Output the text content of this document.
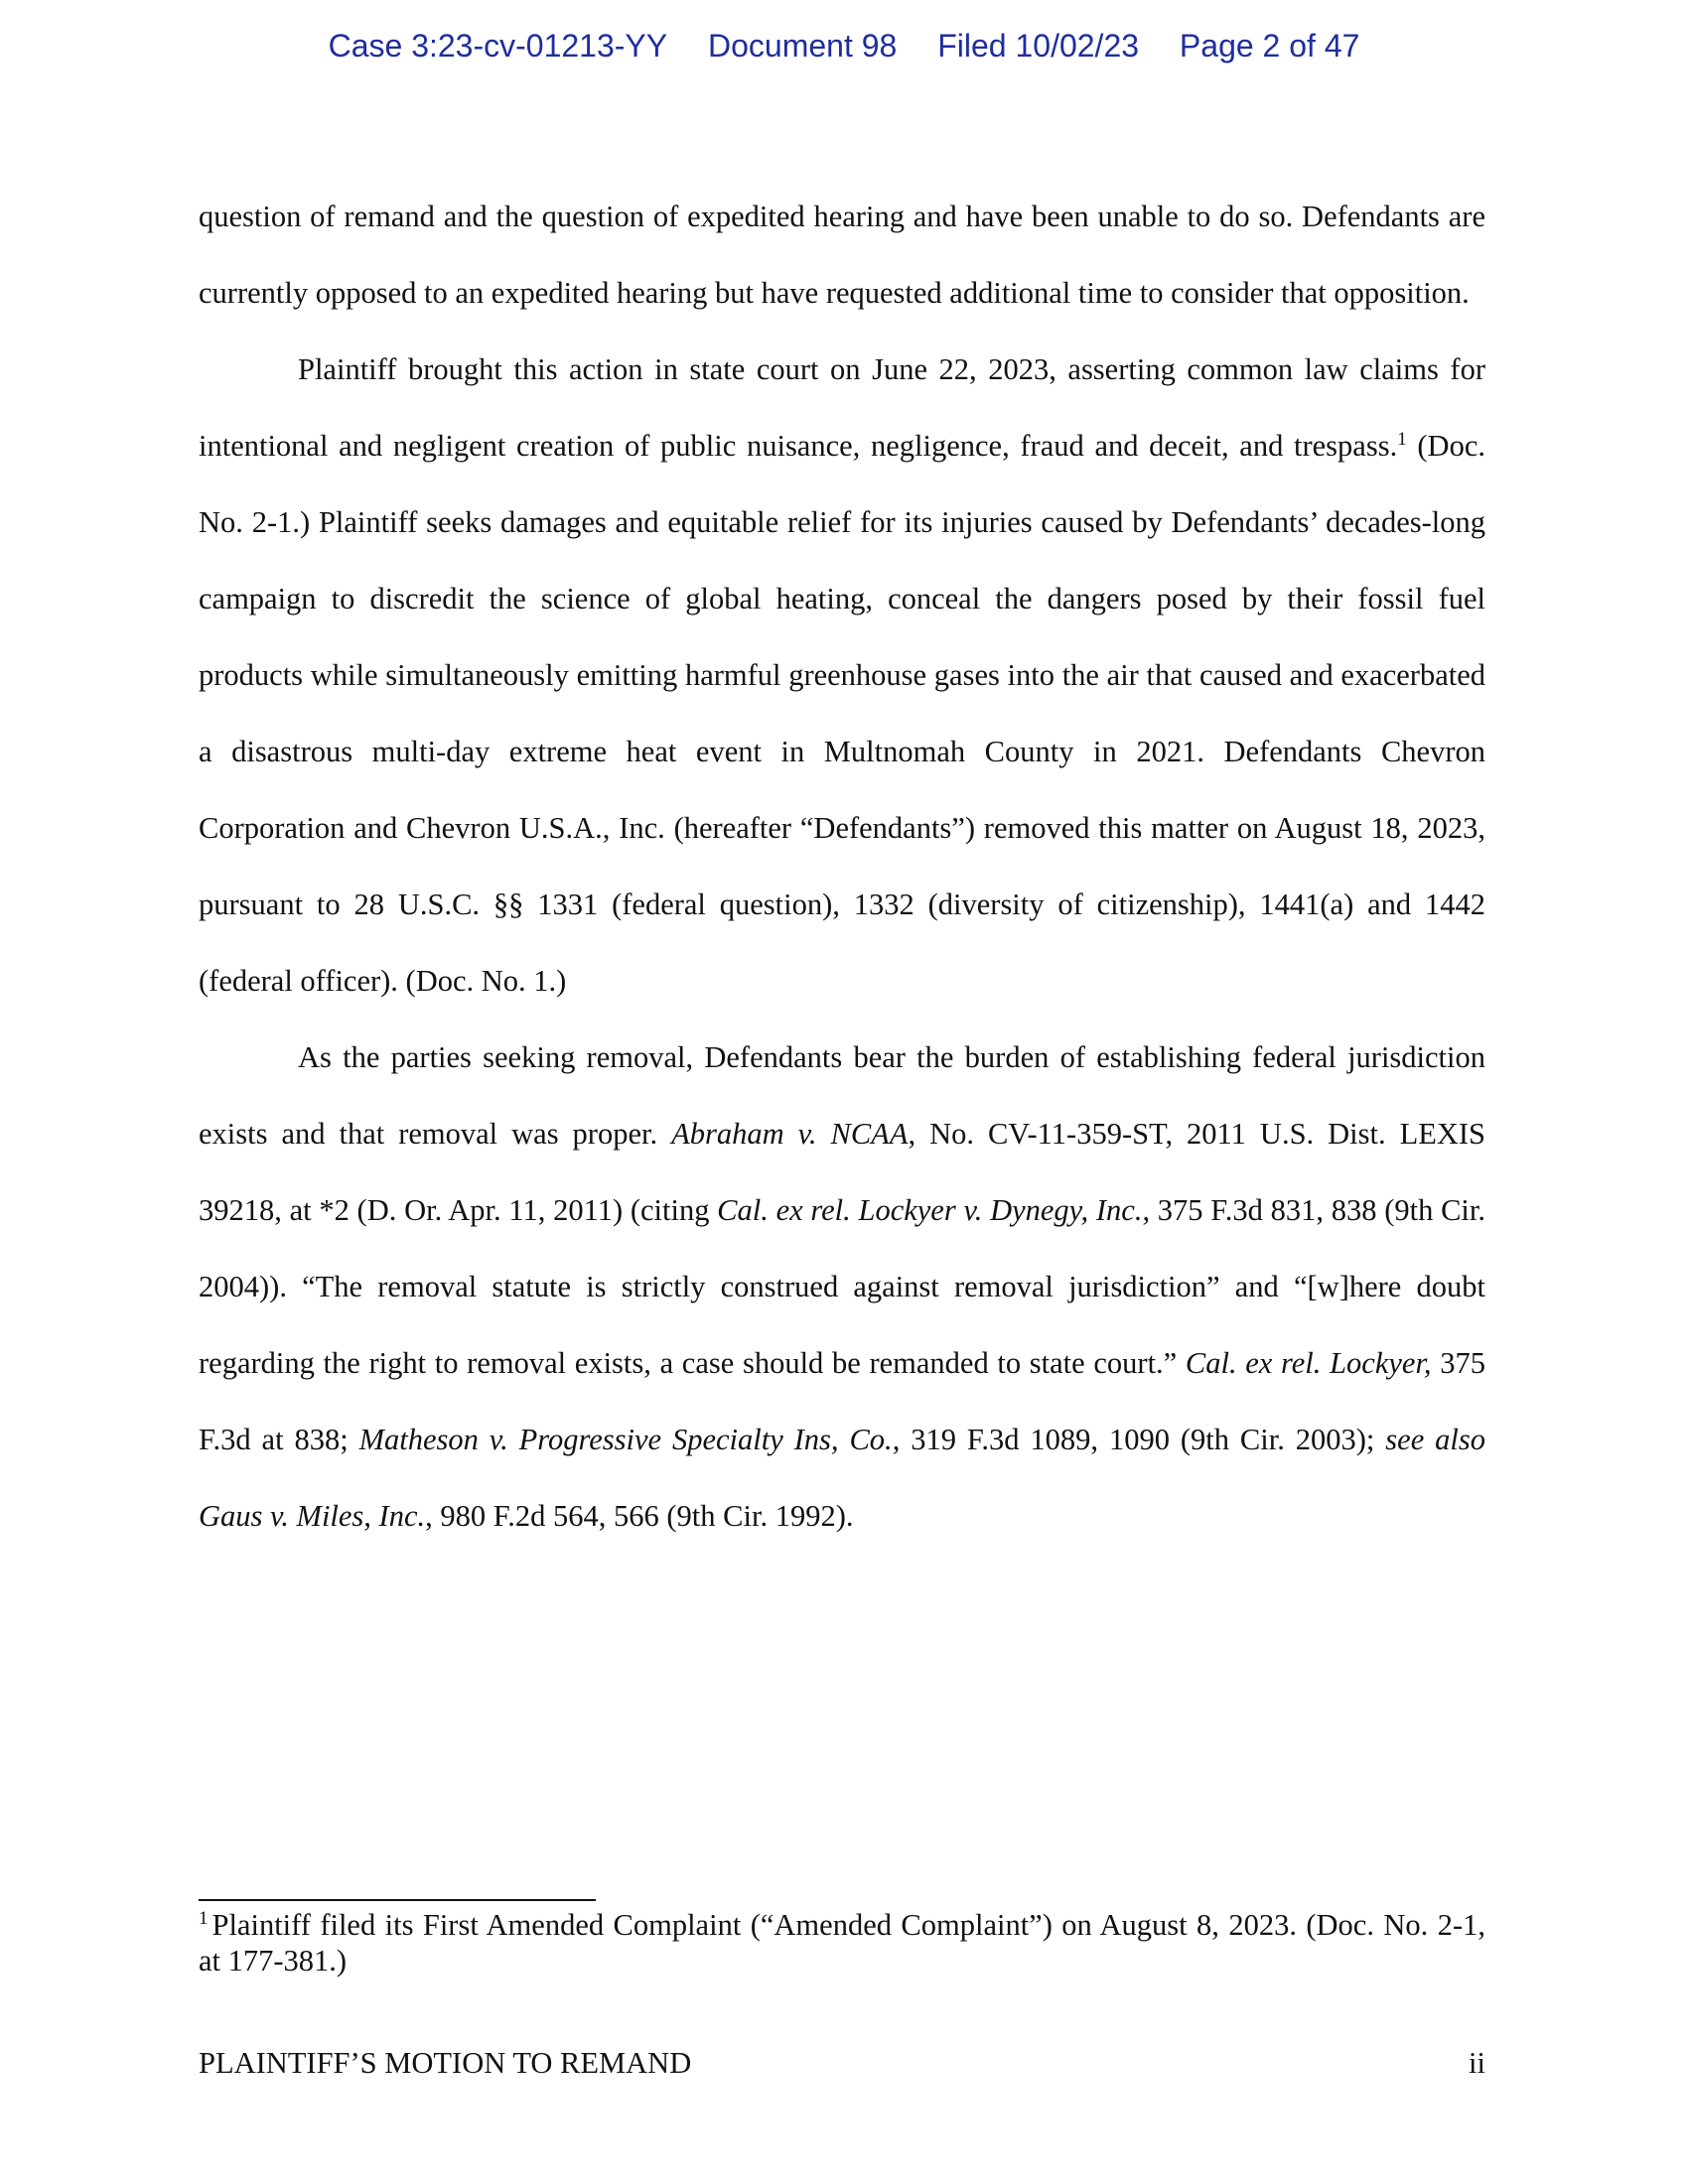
Case 3:23-cv-01213-YY Document 98 Filed 10/02/23 Page 2 of 47

question of remand and the question of expedited hearing and have been unable to do so. Defendants are currently opposed to an expedited hearing but have requested additional time to consider that opposition.

Plaintiff brought this action in state court on June 22, 2023, asserting common law claims for intentional and negligent creation of public nuisance, negligence, fraud and deceit, and trespass.$^1$ (Doc. No. 2-1.) Plaintiff seeks damages and equitable relief for its injuries caused by Defendants’ decades-long campaign to discredit the science of global heating, conceal the dangers posed by their fossil fuel products while simultaneously emitting harmful greenhouse gases into the air that caused and exacerbated a disastrous multi-day extreme heat event in Multnomah County in 2021. Defendants Chevron Corporation and Chevron U.S.A., Inc. (hereafter “Defendants”) removed this matter on August 18, 2023, pursuant to 28 U.S.C. §§ 1331 (federal question), 1332 (diversity of citizenship), 1441(a) and 1442 (federal officer). (Doc. No. 1.)

As the parties seeking removal, Defendants bear the burden of establishing federal jurisdiction exists and that removal was proper. Abraham v. NCAA, No. CV-11-359-ST, 2011 U.S. Dist. LEXIS 39218, at *2 (D. Or. Apr. 11, 2011) (citing Cal. ex rel. Lockyer v. Dynegy, Inc., 375 F.3d 831, 838 (9th Cir. 2004)). “The removal statute is strictly construed against removal jurisdiction” and “[w]here doubt regarding the right to removal exists, a case should be remanded to state court.” Cal. ex rel. Lockyer, 375 F.3d at 838; Matheson v. Progressive Specialty Ins, Co., 319 F.3d 1089, 1090 (9th Cir. 2003); see also Gaus v. Miles, Inc., 980 F.2d 564, 566 (9th Cir. 1992).

$^1$ Plaintiff filed its First Amended Complaint (“Amended Complaint”) on August 8, 2023. (Doc. No. 2-1, at 177-381.)
PLAINTIFF’S MOTION TO REMAND	ii
